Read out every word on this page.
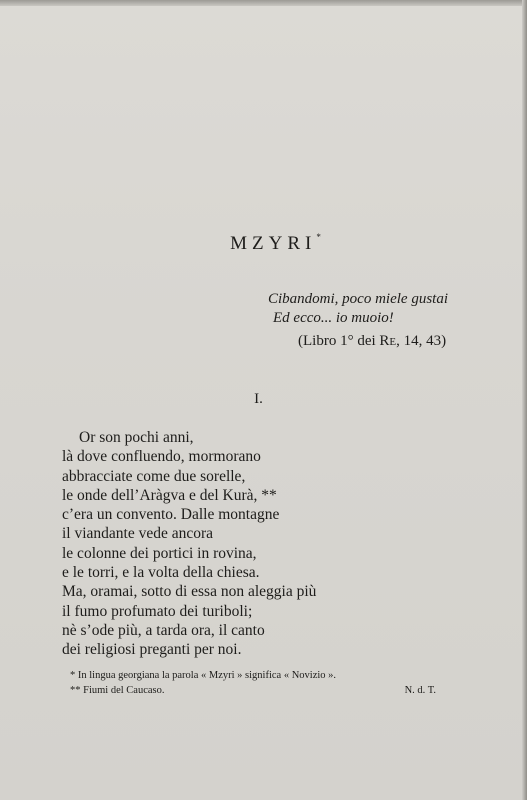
MZYRI*
Cibandomi, poco miele gustai
Ed ecco... io muoio!
(Libro 1° dei Re, 14, 43)
I.
Or son pochi anni,
là dove confluendo, mormorano
abbracciate come due sorelle,
le onde dell’Aràgva e del Kurà, **
c’era un convento. Dalle montagne
il viandante vede ancora
le colonne dei portici in rovina,
e le torri, e la volta della chiesa.
Ma, oramai, sotto di essa non aleggia più
il fumo profumato dei turiboli;
nè s’ode più, a tarda ora, il canto
dei religiosi preganti per noi.
* In lingua georgiana la parola « Mzyri » significa « Novizio ».
** Fiumi del Caucaso.	N. d. T.
